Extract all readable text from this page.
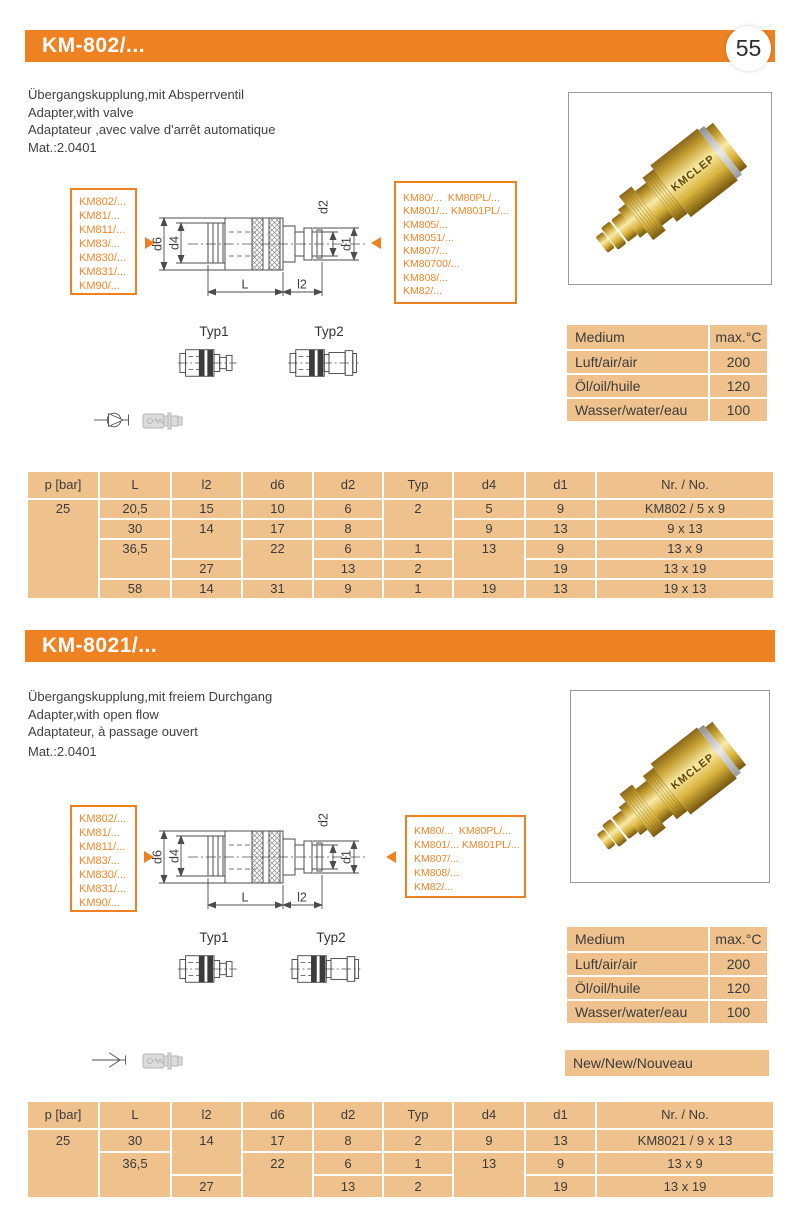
KM-802/...	55
Übergangskupplung,mit Absperrventil
Adapter,with valve
Adaptateur ,avec valve d'arrêt automatique
Mat.:2.0401
KM802/...
KM81/...
KM811/...
KM83/...
KM830/...
KM831/...
KM90/...
KM80/...  KM80PL/...
KM801/... KM801PL/...
KM805/...
KM8051/...
KM807/...
KM80700/...
KM808/...
KM82/...
Typ1	Typ2	Medium	max.°C
Luft/air/air	200
Öl/oil/huile	120
Wasser/water/eau	100
p [bar]	L	l2	d6	d2	Typ	d4	d1	Nr. / No.
25	20,5	15	10	6	2	5	9	KM802 / 5 x 9
	30	14	17	8		9	13	9 x 13
	36,5		22	6	1	13	9	13 x 9
		27		13	2		19	13 x 19
	58	14	31	9	1	19	13	19 x 13
KM-8021/...
Übergangskupplung,mit freiem Durchgang
Adapter,with open flow
Adaptateur, à passage ouvert
Mat.:2.0401
KM802/...
KM81/...
KM811/...
KM83/...
KM830/...
KM831/...
KM90/...
KM80/...  KM80PL/...
KM801/... KM801PL/...
KM807/...
KM808/...
KM82/...
Typ1	Typ2	Medium	max.°C
Luft/air/air	200
Öl/oil/huile	120
Wasser/water/eau	100
New/New/Nouveau
p [bar]	L	l2	d6	d2	Typ	d4	d1	Nr. / No.
25	30	14	17	8	2	9	13	KM8021 / 9 x 13
	36,5		22	6	1	13	9	13 x 9
		27		13	2		19	13 x 19
